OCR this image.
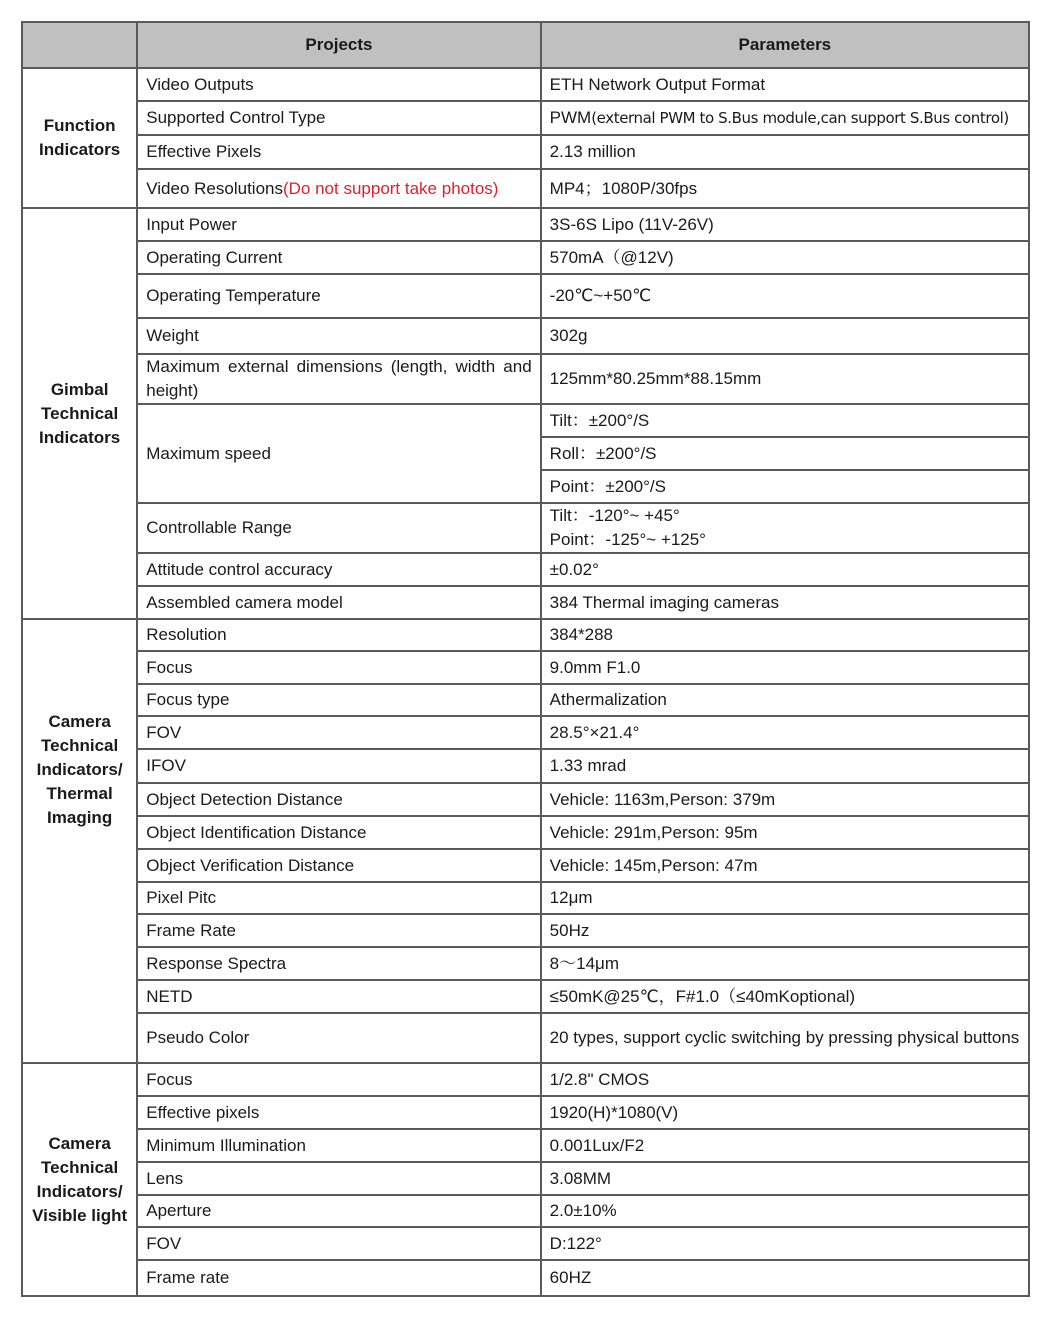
	Projects	Parameters

Function
Indicators	Video Outputs	ETH Network Output Format
	Supported Control Type	PWM(external PWM to S.Bus module,can support S.Bus control)
	Effective Pixels	2.13 million
	Video Resolutions(Do not support take photos)	MP4；1080P/30fps

Gimbal
Technical
Indicators	Input Power	3S-6S Lipo (11V-26V)
	Operating Current	570mA（@12V)
	Operating Temperature	-20℃~+50℃
	Weight	302g
	Maximum external dimensions (length, width and height)	125mm*80.25mm*88.15mm
	Maximum speed	Tilt：±200°/S
		Roll：±200°/S
		Point：±200°/S
	Controllable Range	Tilt：-120°~ +45°
Point：-125°~ +125°

	Attitude control accuracy	±0.02°
	Assembled camera model	384 Thermal imaging cameras

Camera
Technical
Indicators/
Thermal
Imaging	Resolution	384*288
	Focus	9.0mm F1.0
	Focus type	Athermalization
	FOV	28.5°×21.4°
	IFOV	1.33 mrad
	Object Detection Distance	Vehicle: 1163m,Person: 379m
	Object Identification Distance	Vehicle: 291m,Person: 95m
	Object Verification Distance	Vehicle: 145m,Person: 47m
	Pixel Pitc	12μm
	Frame Rate	50Hz
	Response Spectra	8～14μm
	NETD	≤50mK@25℃，F#1.0（≤40mKoptional)
	Pseudo Color	20 types, support cyclic switching by pressing physical buttons

Camera
Technical
Indicators/
Visible light	Focus	1/2.8" CMOS
	Effective pixels	1920(H)*1080(V)
	Minimum Illumination	0.001Lux/F2
	Lens	3.08MM
	Aperture	2.0±10%
	FOV	D:122°
	Frame rate	60HZ
